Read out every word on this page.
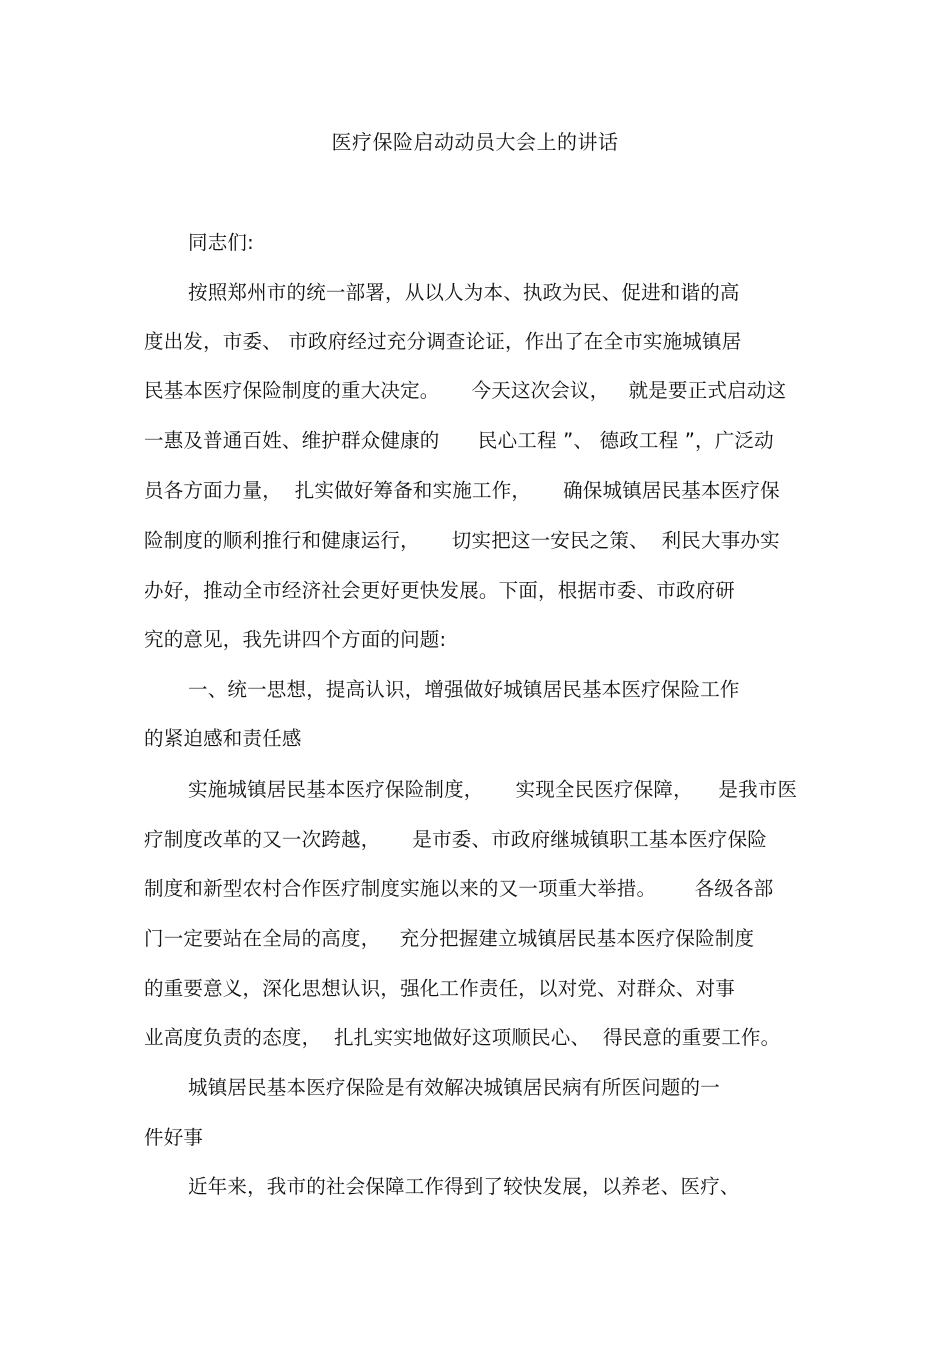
医疗保险启动动员大会上的讲话
同志们:
按照郑州市的统一部署，从以人为本、执政为民、促进和谐的高
度出发，市委、 市政府经过充分调查论证，作出了在全市实施城镇居
民基本医疗保险制度的重大决定。     今天这次会议，   就是要正式启动这
一惠及普通百姓、维护群众健康的      民心工程 ”、 德政工程 ”，广泛动
员各方面力量，  扎实做好筹备和实施工作，     确保城镇居民基本医疗保
险制度的顺利推行和健康运行，     切实把这一安民之策、  利民大事办实
办好，推动全市经济社会更好更快发展。下面，根据市委、市政府研
究的意见，我先讲四个方面的问题:
一、统一思想，提高认识，增强做好城镇居民基本医疗保险工作
的紧迫感和责任感
实施城镇居民基本医疗保险制度，     实现全民医疗保障，    是我市医
疗制度改革的又一次跨越，     是市委、市政府继城镇职工基本医疗保险
制度和新型农村合作医疗制度实施以来的又一项重大举措。      各级各部
门一定要站在全局的高度，   充分把握建立城镇居民基本医疗保险制度
的重要意义，深化思想认识，强化工作责任，以对党、对群众、对事
业高度负责的态度，  扎扎实实地做好这项顺民心、  得民意的重要工作。
城镇居民基本医疗保险是有效解决城镇居民病有所医问题的一
件好事
近年来，我市的社会保障工作得到了较快发展，以养老、医疗、
